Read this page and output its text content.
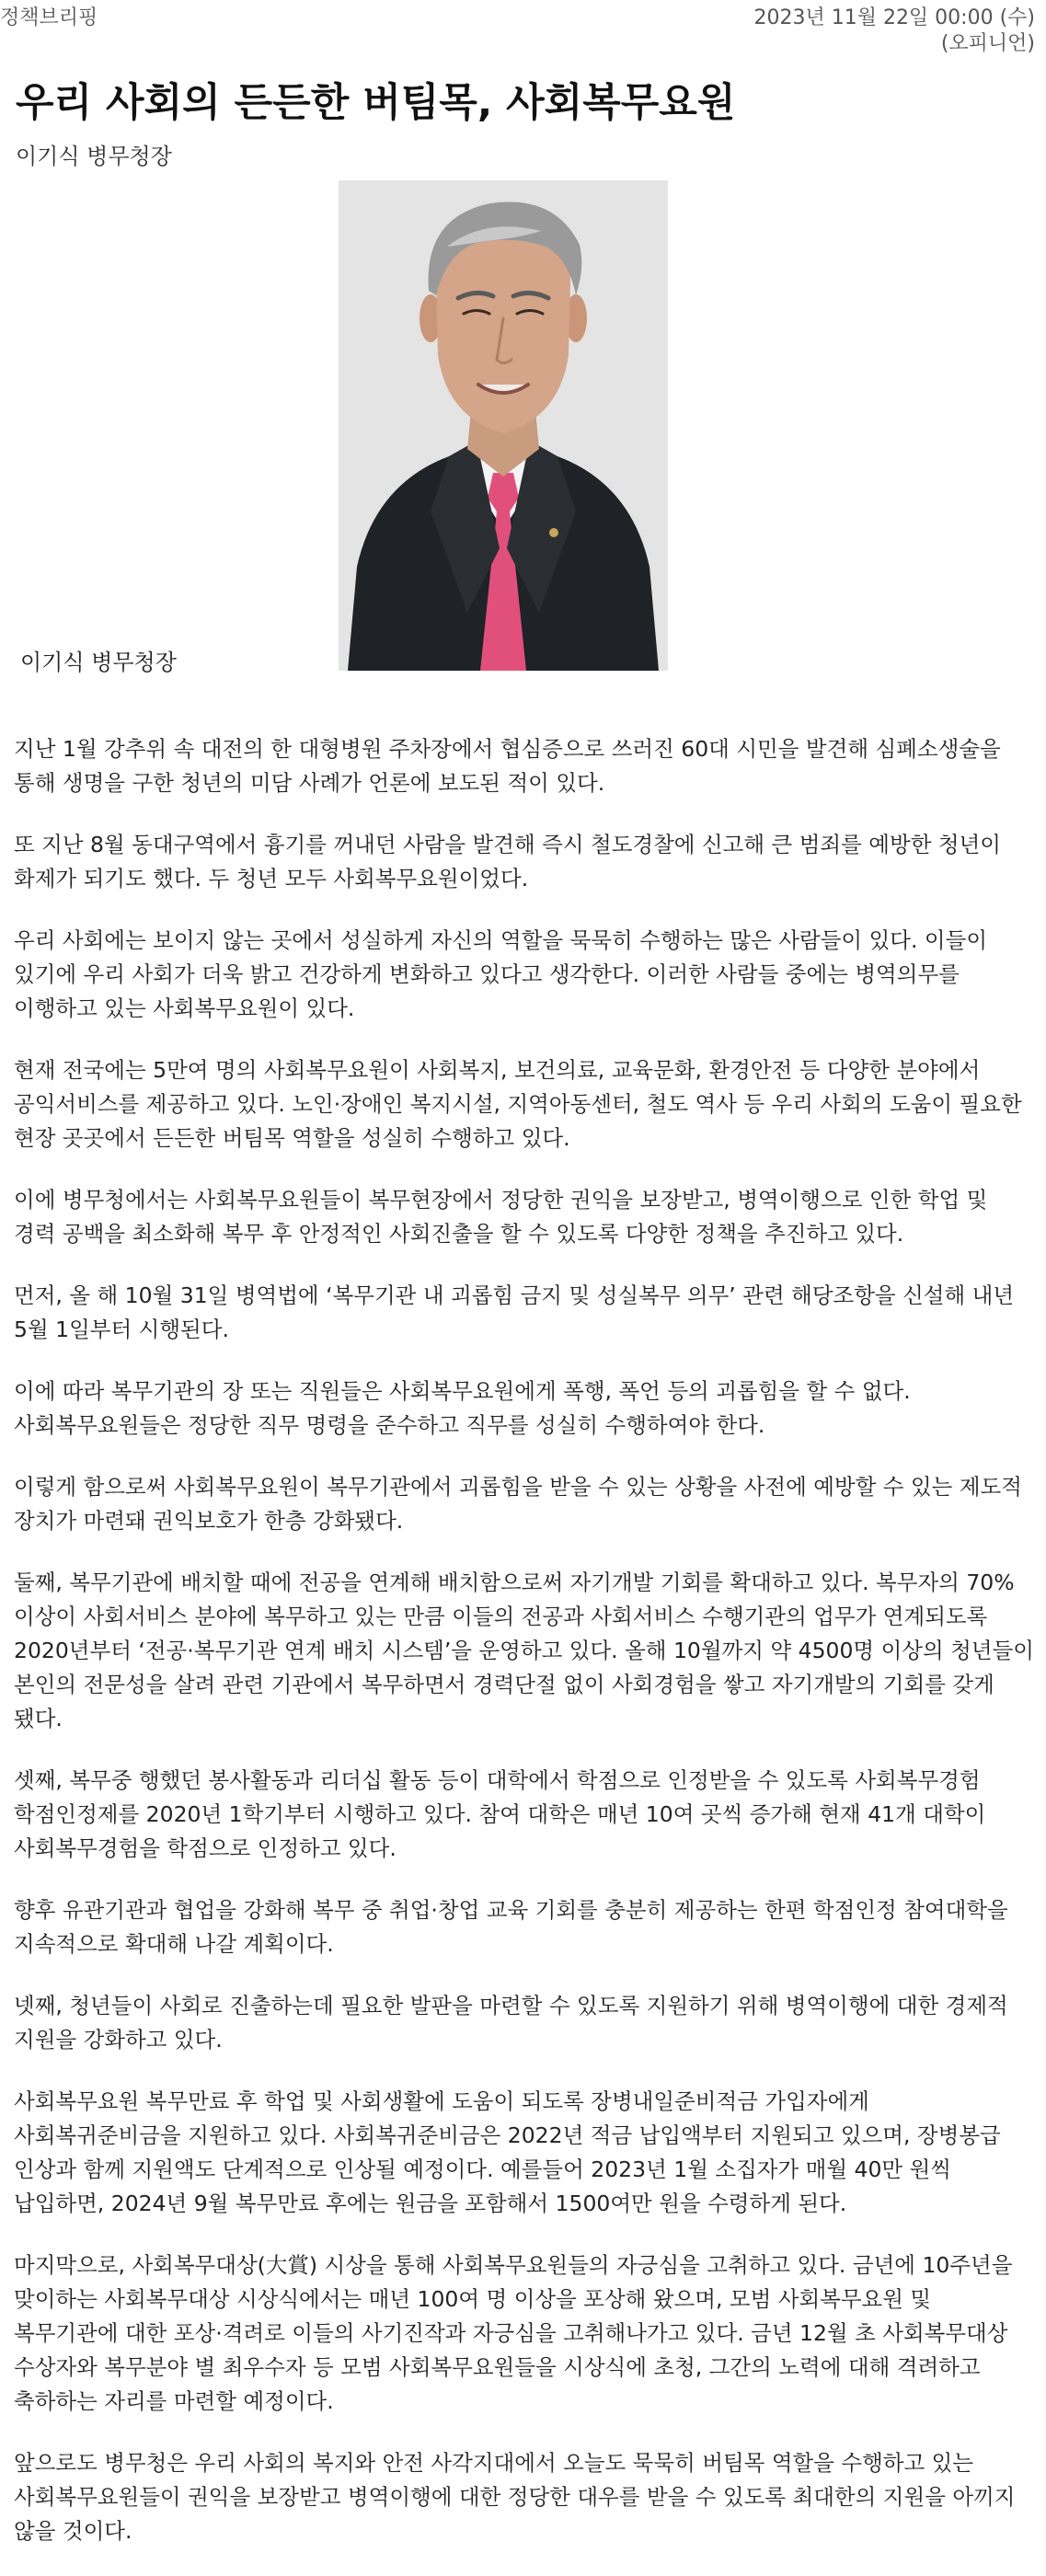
정책브리핑	2023년 11월 22일 00:00 (수)
(오피니언)
우리 사회의 든든한 버팀목, 사회복무요원
이기식 병무청장
이기식 병무청장

지난 1월 강추위 속 대전의 한 대형병원 주차장에서 협심증으로 쓰러진 60대 시민을 발견해 심폐소생술을 통해 생명을 구한 청년의 미담 사례가 언론에 보도된 적이 있다.

또 지난 8월 동대구역에서 흉기를 꺼내던 사람을 발견해 즉시 철도경찰에 신고해 큰 범죄를 예방한 청년이 화제가 되기도 했다. 두 청년 모두 사회복무요원이었다.

우리 사회에는 보이지 않는 곳에서 성실하게 자신의 역할을 묵묵히 수행하는 많은 사람들이 있다. 이들이 있기에 우리 사회가 더욱 밝고 건강하게 변화하고 있다고 생각한다. 이러한 사람들 중에는 병역의무를 이행하고 있는 사회복무요원이 있다.

현재 전국에는 5만여 명의 사회복무요원이 사회복지, 보건의료, 교육문화, 환경안전 등 다양한 분야에서 공익서비스를 제공하고 있다. 노인·장애인 복지시설, 지역아동센터, 철도 역사 등 우리 사회의 도움이 필요한 현장 곳곳에서 든든한 버팀목 역할을 성실히 수행하고 있다.

이에 병무청에서는 사회복무요원들이 복무현장에서 정당한 권익을 보장받고, 병역이행으로 인한 학업 및 경력 공백을 최소화해 복무 후 안정적인 사회진출을 할 수 있도록 다양한 정책을 추진하고 있다.

먼저, 올 해 10월 31일 병역법에 ‘복무기관 내 괴롭힘 금지 및 성실복무 의무’ 관련 해당조항을 신설해 내년 5월 1일부터 시행된다.

이에 따라 복무기관의 장 또는 직원들은 사회복무요원에게 폭행, 폭언 등의 괴롭힘을 할 수 없다. 사회복무요원들은 정당한 직무 명령을 준수하고 직무를 성실히 수행하여야 한다.

이렇게 함으로써 사회복무요원이 복무기관에서 괴롭힘을 받을 수 있는 상황을 사전에 예방할 수 있는 제도적 장치가 마련돼 권익보호가 한층 강화됐다.

둘째, 복무기관에 배치할 때에 전공을 연계해 배치함으로써 자기개발 기회를 확대하고 있다. 복무자의 70% 이상이 사회서비스 분야에 복무하고 있는 만큼 이들의 전공과 사회서비스 수행기관의 업무가 연계되도록 2020년부터 ‘전공·복무기관 연계 배치 시스템’을 운영하고 있다. 올해 10월까지 약 4500명 이상의 청년들이 본인의 전문성을 살려 관련 기관에서 복무하면서 경력단절 없이 사회경험을 쌓고 자기개발의 기회를 갖게 됐다.

셋째, 복무중 행했던 봉사활동과 리더십 활동 등이 대학에서 학점으로 인정받을 수 있도록 사회복무경험 학점인정제를 2020년 1학기부터 시행하고 있다. 참여 대학은 매년 10여 곳씩 증가해 현재 41개 대학이 사회복무경험을 학점으로 인정하고 있다.

향후 유관기관과 협업을 강화해 복무 중 취업·창업 교육 기회를 충분히 제공하는 한편 학점인정 참여대학을 지속적으로 확대해 나갈 계획이다.

넷째, 청년들이 사회로 진출하는데 필요한 발판을 마련할 수 있도록 지원하기 위해 병역이행에 대한 경제적 지원을 강화하고 있다.

사회복무요원 복무만료 후 학업 및 사회생활에 도움이 되도록 장병내일준비적금 가입자에게 사회복귀준비금을 지원하고 있다. 사회복귀준비금은 2022년 적금 납입액부터 지원되고 있으며, 장병봉급 인상과 함께 지원액도 단계적으로 인상될 예정이다. 예를들어 2023년 1월 소집자가 매월 40만 원씩 납입하면, 2024년 9월 복무만료 후에는 원금을 포함해서 1500여만 원을 수령하게 된다.

마지막으로, 사회복무대상(大賞) 시상을 통해 사회복무요원들의 자긍심을 고취하고 있다. 금년에 10주년을 맞이하는 사회복무대상 시상식에서는 매년 100여 명 이상을 포상해 왔으며, 모범 사회복무요원 및 복무기관에 대한 포상·격려로 이들의 사기진작과 자긍심을 고취해나가고 있다. 금년 12월 초 사회복무대상 수상자와 복무분야 별 최우수자 등 모범 사회복무요원들을 시상식에 초청, 그간의 노력에 대해 격려하고 축하하는 자리를 마련할 예정이다.

앞으로도 병무청은 우리 사회의 복지와 안전 사각지대에서 오늘도 묵묵히 버팀목 역할을 수행하고 있는 사회복무요원들이 권익을 보장받고 병역이행에 대한 정당한 대우를 받을 수 있도록 최대한의 지원을 아끼지 않을 것이다.
